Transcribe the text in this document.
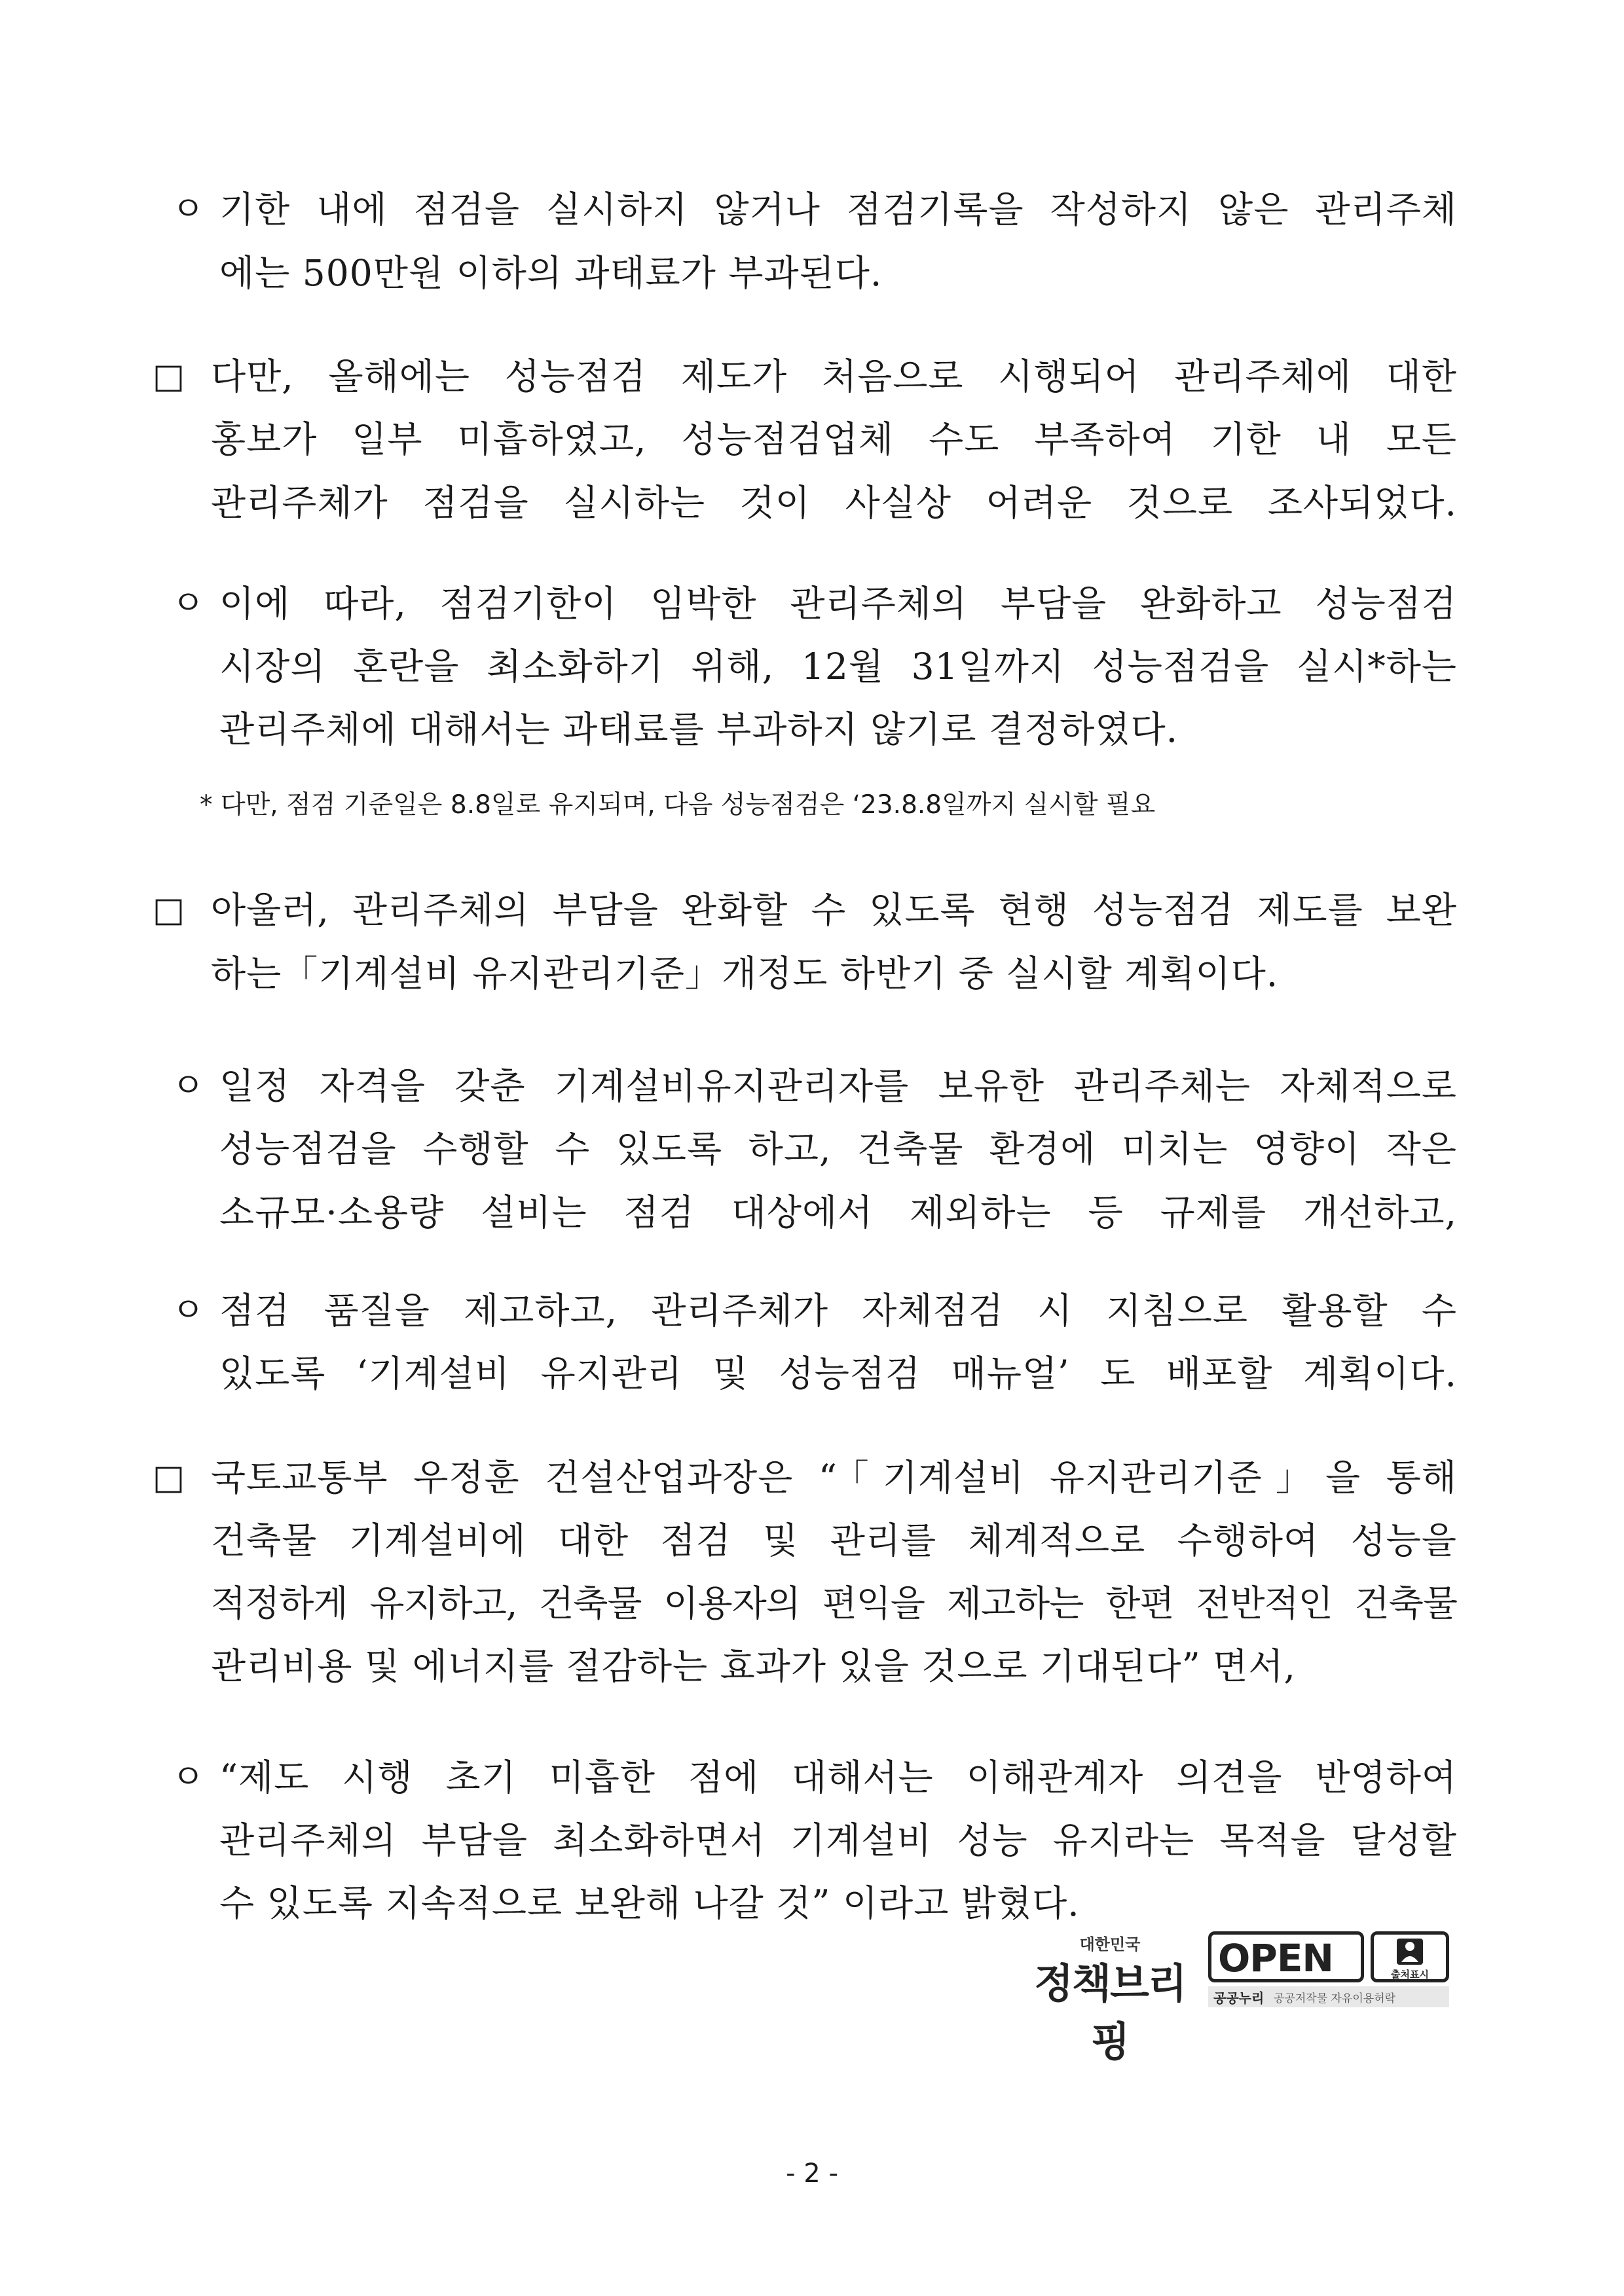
ㅇ 기한 내에 점검을 실시하지 않거나 점검기록을 작성하지 않은 관리주체
에는 500만원 이하의 과태료가 부과된다.
□ 다만, 올해에는 성능점검 제도가 처음으로 시행되어 관리주체에 대한
홍보가 일부 미흡하였고, 성능점검업체 수도 부족하여 기한 내 모든
관리주체가 점검을 실시하는 것이 사실상 어려운 것으로 조사되었다.
ㅇ 이에 따라, 점검기한이 임박한 관리주체의 부담을 완화하고 성능점검
시장의 혼란을 최소화하기 위해, 12월 31일까지 성능점검을 실시*하는
관리주체에 대해서는 과태료를 부과하지 않기로 결정하였다.
* 다만, 점검 기준일은 8.8일로 유지되며, 다음 성능점검은 ‘23.8.8일까지 실시할 필요
□ 아울러, 관리주체의 부담을 완화할 수 있도록 현행 성능점검 제도를 보완
하는「기계설비 유지관리기준」개정도 하반기 중 실시할 계획이다.
ㅇ 일정 자격을 갖춘 기계설비유지관리자를 보유한 관리주체는 자체적으로
성능점검을 수행할 수 있도록 하고, 건축물 환경에 미치는 영향이 작은
소규모·소용량 설비는 점검 대상에서 제외하는 등 규제를 개선하고,
ㅇ 점검 품질을 제고하고, 관리주체가 자체점검 시 지침으로 활용할 수
있도록 ‘기계설비 유지관리 및 성능점검 매뉴얼’ 도 배포할 계획이다.
□ 국토교통부 우정훈 건설산업과장은 “「기계설비 유지관리기준」을 통해
건축물 기계설비에 대한 점검 및 관리를 체계적으로 수행하여 성능을
적정하게 유지하고, 건축물 이용자의 편익을 제고하는 한편 전반적인 건축물
관리비용 및 에너지를 절감하는 효과가 있을 것으로 기대된다” 면서,
ㅇ “제도 시행 초기 미흡한 점에 대해서는 이해관계자 의견을 반영하여
관리주체의 부담을 최소화하면서 기계설비 성능 유지라는 목적을 달성할
수 있도록 지속적으로 보완해 나갈 것” 이라고 밝혔다.
대한민국
정책브리핑
OPEN	출처표시
공공누리 공공저작물 자유이용허락
- 2 -
